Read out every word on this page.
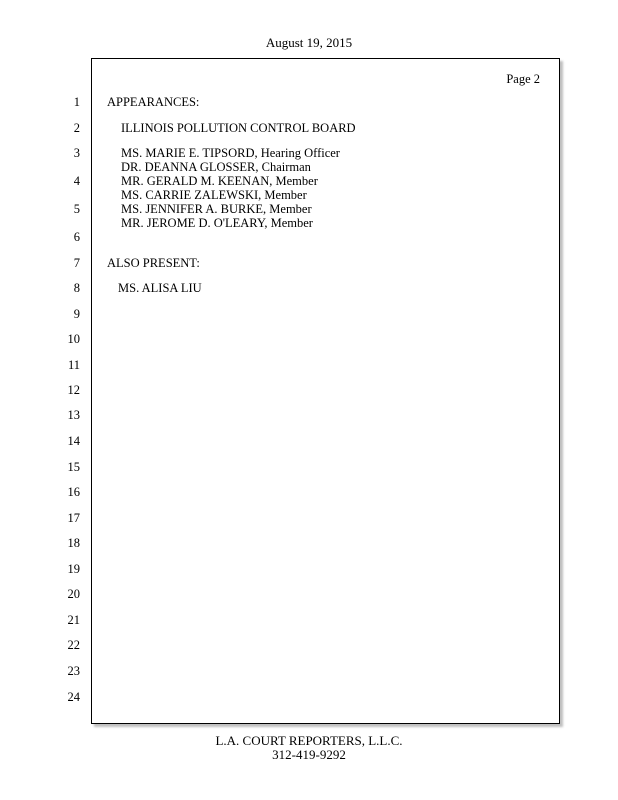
August 19, 2015
1
2
3
4
5
6
7
8
9
10
11
12
13
14
15
16
17
18
19
20
21
22
23
24
Page 2
APPEARANCES:
ILLINOIS POLLUTION CONTROL BOARD
MS. MARIE E. TIPSORD, Hearing Officer
DR. DEANNA GLOSSER, Chairman
MR. GERALD M. KEENAN, Member
MS. CARRIE ZALEWSKI, Member
MS. JENNIFER A. BURKE, Member
MR. JEROME D. O'LEARY, Member
ALSO PRESENT:
MS. ALISA LIU
L.A. COURT REPORTERS, L.L.C.
312-419-9292
